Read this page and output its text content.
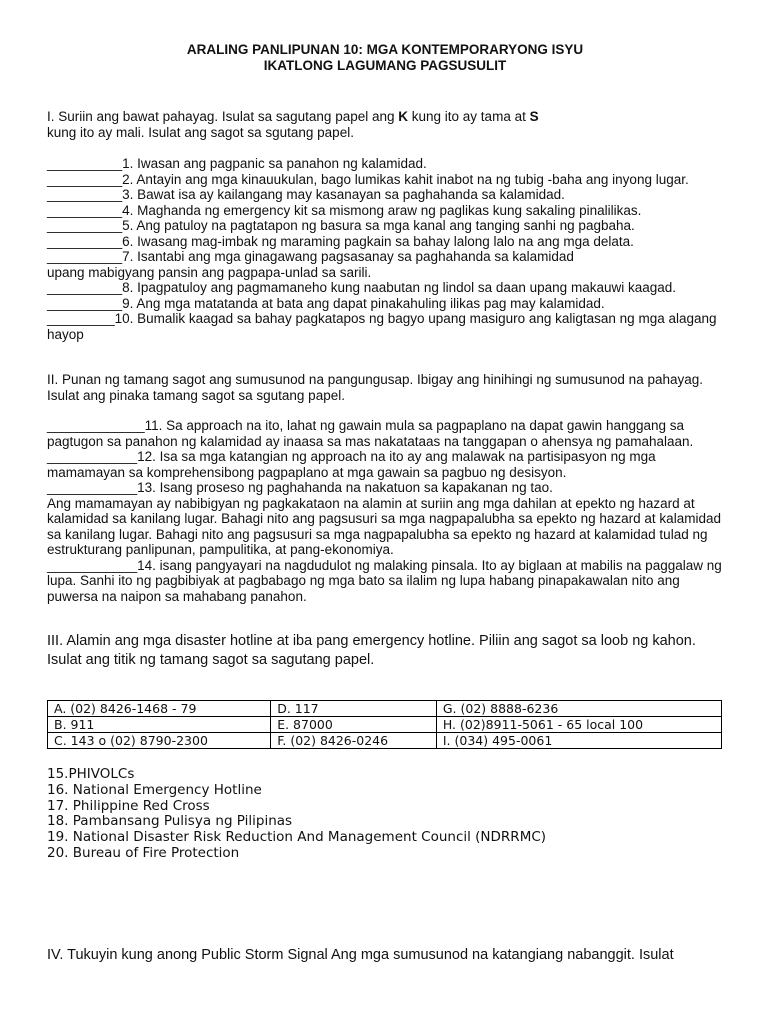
ARALING PANLIPUNAN 10: MGA KONTEMPORARYONG ISYU
IKATLONG LAGUMANG PAGSUSULIT

I. Suriin ang bawat pahayag. Isulat sa sagutang papel ang K kung ito ay tama at S
kung ito ay mali. Isulat ang sagot sa sgutang papel.

__________1. Iwasan ang pagpanic sa panahon ng kalamidad.
__________2. Antayin ang mga kinauukulan, bago lumikas kahit inabot na ng tubig -baha ang inyong lugar.
__________3. Bawat isa ay kailangang may kasanayan sa paghahanda sa kalamidad.
__________4. Maghanda ng emergency kit sa mismong araw ng paglikas kung sakaling pinalilikas.
__________5. Ang patuloy na pagtatapon ng basura sa mga kanal ang tanging sanhi ng pagbaha.
__________6. Iwasang mag-imbak ng maraming pagkain sa bahay lalong lalo na ang mga delata.
__________7. Isantabi ang mga ginagawang pagsasanay sa paghahanda sa kalamidad
upang mabigyang pansin ang pagpapa-unlad sa sarili.
__________8. Ipagpatuloy ang pagmamaneho kung naabutan ng lindol sa daan upang makauwi kaagad.
__________9. Ang mga matatanda at bata ang dapat pinakahuling ilikas pag may kalamidad.
_________10. Bumalik kaagad sa bahay pagkatapos ng bagyo upang masiguro ang kaligtasan ng mga alagang hayop

II. Punan ng tamang sagot ang sumusunod na pangungusap. Ibigay ang hinihingi ng sumusunod na pahayag. Isulat ang pinaka tamang sagot sa sgutang papel.

_____________11. Sa approach na ito, lahat ng gawain mula sa pagpaplano na dapat gawin hanggang sa pagtugon sa panahon ng kalamidad ay inaasa sa mas nakatataas na tanggapan o ahensya ng pamahalaan.
____________12. Isa sa mga katangian ng approach na ito ay ang malawak na partisipasyon ng mga mamamayan sa komprehensibong pagpaplano at mga gawain sa pagbuo ng desisyon.
____________13. Isang proseso ng paghahanda na nakatuon sa kapakanan ng tao.
Ang mamamayan ay nabibigyan ng pagkakataon na alamin at suriin ang mga dahilan at epekto ng hazard at kalamidad sa kanilang lugar. Bahagi nito ang pagsusuri sa mga nagpapalubha sa epekto ng hazard at kalamidad sa kanilang lugar. Bahagi nito ang pagsusuri sa mga nagpapalubha sa epekto ng hazard at kalamidad tulad ng estrukturang panlipunan, pampulitika, at pang-ekonomiya.
____________14. isang pangyayari na nagdudulot ng malaking pinsala. Ito ay biglaan at mabilis na paggalaw ng lupa. Sanhi ito ng pagbibiyak at pagbabago ng mga bato sa ilalim ng lupa habang pinapakawalan nito ang puwersa na naipon sa mahabang panahon.

III. Alamin ang mga disaster hotline at iba pang emergency hotline. Piliin ang sagot sa loob ng kahon. Isulat ang titik ng tamang sagot sa sagutang papel.

A. (02) 8426-1468 - 79	D. 117	G. (02) 8888-6236
B. 911	E. 87000	H. (02)8911-5061 - 65 local 100
C. 143 o (02) 8790-2300	F. (02) 8426-0246	I. (034) 495-0061
15.PHIVOLCs
16. National Emergency Hotline
17. Philippine Red Cross
18. Pambansang Pulisya ng Pilipinas
19. National Disaster Risk Reduction And Management Council (NDRRMC)
20. Bureau of Fire Protection

IV. Tukuyin kung anong Public Storm Signal Ang mga sumusunod na katangiang nabanggit. Isulat
